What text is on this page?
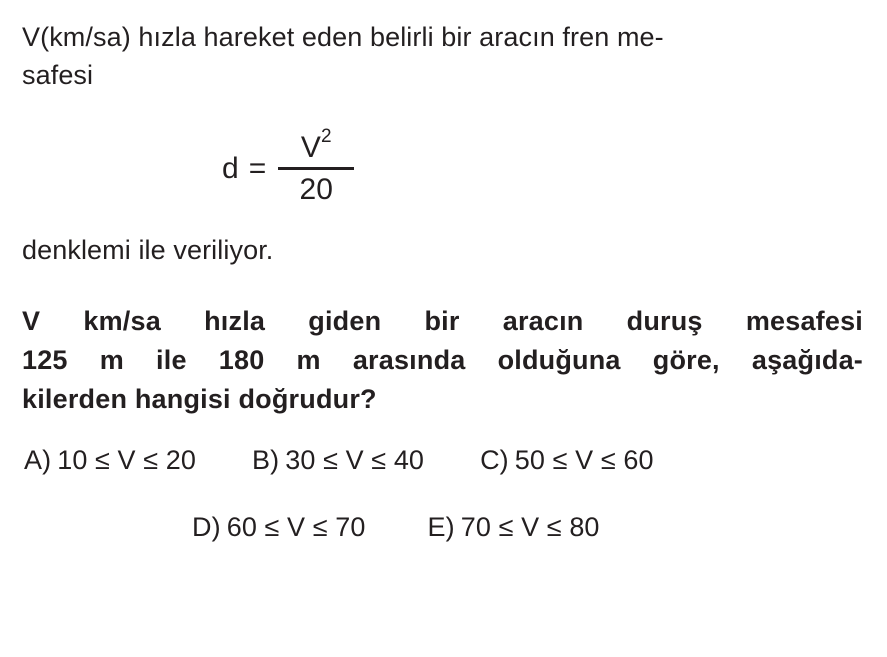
V(km/sa) hızla hareket eden belirli bir aracın fren me-
safesi
$d = \frac{V^2}{20}$

denklemi ile veriliyor.

V km/sa hızla giden bir aracın duruş mesafesi
125 m ile 180 m arasında olduğuna göre, aşağıda-
kilerden hangisi doğrudur?
A) 10 ≤ V ≤ 20 B) 30 ≤ V ≤ 40 C) 50 ≤ V ≤ 60
D) 60 ≤ V ≤ 70 E) 70 ≤ V ≤ 80
